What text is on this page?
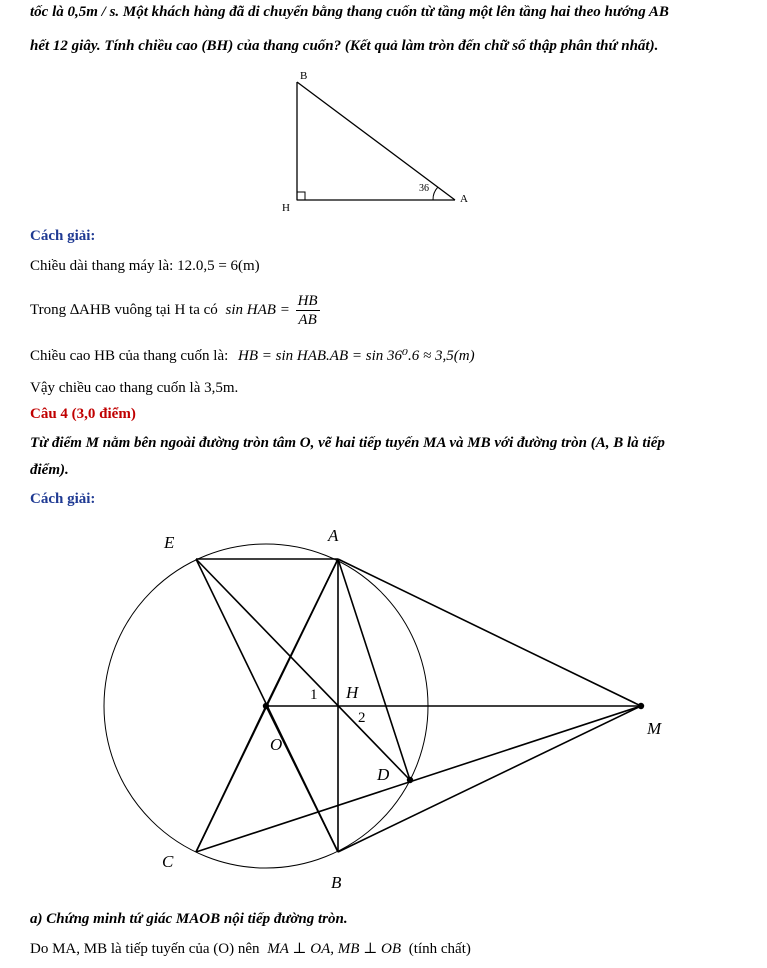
tốc là 0,5m / s. Một khách hàng đã di chuyển bằng thang cuốn từ tầng một lên tầng hai theo hướng AB
hết 12 giây. Tính chiều cao (BH) của thang cuốn? (Kết quả làm tròn đến chữ số thập phân thứ nhất).
B
H
A
36
Cách giải:
Chiều dài thang máy là: 12.0,5 = 6(m)
Trong ∆AHB vuông tại H ta có sin HAB = $\frac{HB}{AB}$
Chiều cao HB của thang cuốn là: HB = sin HAB.AB = sin 36⁰.6 ≈ 3,5(m)
Vậy chiều cao thang cuốn là 3,5m.
Câu 4 (3,0 điểm)
Từ điểm M nằm bên ngoài đường tròn tâm O, vẽ hai tiếp tuyến MA và MB với đường tròn (A, B là tiếp
điểm).
Cách giải:
E	A
H
O
D
M
C
B
1
2
a) Chứng minh tứ giác MAOB nội tiếp đường tròn.
Do MA, MB là tiếp tuyến của (O) nên MA ⊥ OA, MB ⊥ OB (tính chất)
